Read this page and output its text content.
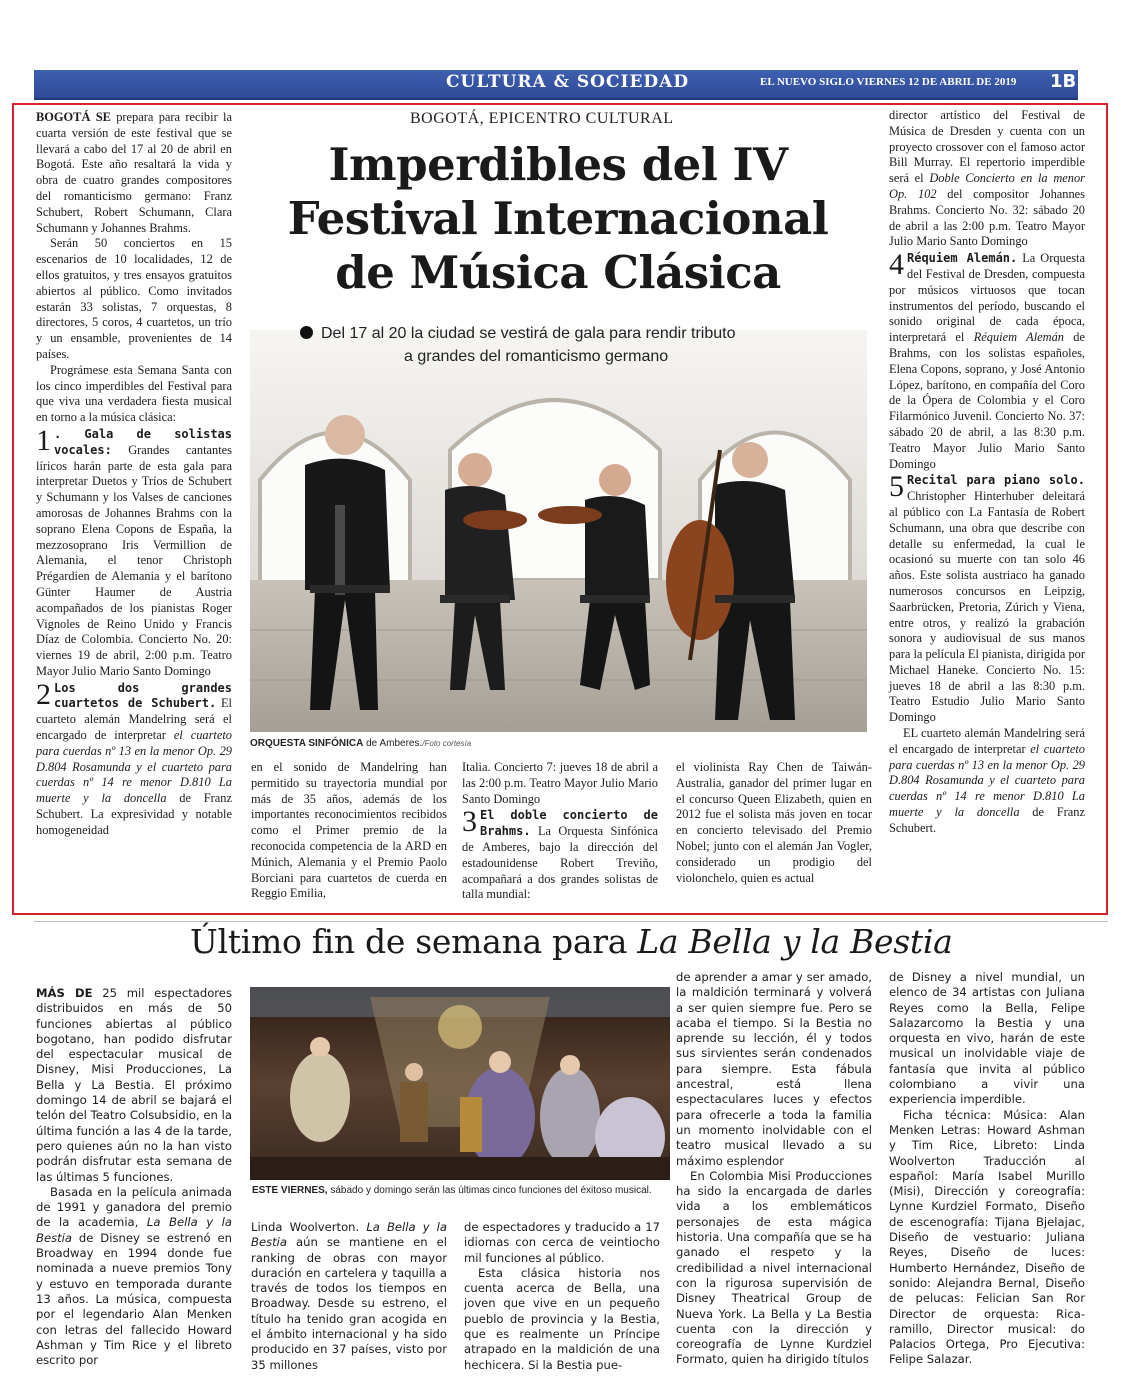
CULTURA & SOCIEDAD	EL NUEVO SIGLO VIERNES 12 DE ABRIL DE 2019 1B
BOGOTÁ, EPICENTRO CULTURAL
Imperdibles del IV
Festival Internacional
de Música Clásica
Del 17 al 20 la ciudad se vestirá de gala para rendir tributo
a grandes del romanticismo germano
ORQUESTA SINFÓNICA de Amberes./Foto cortesía

BOGOTÁ SE prepara para recibir la cuarta versión de este festival que se llevará a cabo del 17 al 20 de abril en Bogotá. Este año resaltará la vida y obra de cuatro grandes compositores del romanticismo germano: Franz Schubert, Robert Schumann, Clara Schumann y Johannes Brahms.

Serán 50 conciertos en 15 escenarios de 10 localidades, 12 de ellos gratuitos, y tres ensayos gratuitos abiertos al público. Como invitados estarán 33 solistas, 7 orquestas, 8 directores, 5 coros, 4 cuartetos, un trío y un ensamble, provenientes de 14 países.

Prográmese esta Semana Santa con los cinco imperdibles del Festival para que viva una verdadera fiesta musical en torno a la música clásica:

1 . Gala de solistas vocales: Grandes cantantes líricos harán parte de esta gala para interpretar Duetos y Tríos de Schubert y Schumann y los Valses de canciones amorosas de Johannes Brahms con la soprano Elena Copons de España, la mezzosoprano Iris Vermillion de Alemania, el tenor Christoph Prégardien de Alemania y el barítono Günter Haumer de Austria acompañados de los pianistas Roger Vignoles de Reino Unido y Francis Díaz de Colombia. Concierto No. 20: viernes 19 de abril, 2:00 p.m. Teatro Mayor Julio Mario Santo Domingo
2 Los dos grandes cuartetos de Schubert. El cuarteto alemán Mandelring será el encargado de interpretar el cuarteto para cuerdas nº 13 en la menor Op. 29 D.804 Rosamunda y el cuarteto para cuerdas nº 14 re menor D.810 La muerte y la doncella de Franz Schubert. La expresividad y notable homogeneidad

en el sonido de Mandelring han permitido su trayectoria mundial por más de 35 años, además de los importantes reconocimientos recibidos como el Primer premio de la reconocida competencia de la ARD en Múnich, Alemania y el Premio Paolo Borciani para cuartetos de cuerda en Reggio Emilia,

Italia. Concierto 7: jueves 18 de abril a las 2:00 p.m. Teatro Mayor Julio Mario Santo Domingo

3 El doble concierto de Brahms. La Orquesta Sinfónica de Amberes, bajo la dirección del estadounidense Robert Treviño, acompañará a dos grandes solistas de talla mundial:

el violinista Ray Chen de Taiwán-Australia, ganador del primer lugar en el concurso Queen Elizabeth, quien en 2012 fue el solista más joven en tocar en concierto televisado del Premio Nobel; junto con el alemán Jan Vogler, considerado un prodigio del violonchelo, quien es actual

director artístico del Festival de Música de Dresden y cuenta con un proyecto crossover con el famoso actor Bill Murray. El repertorio imperdible será el Doble Concierto en la menor Op. 102 del compositor Johannes Brahms. Concierto No. 32: sábado 20 de abril a las 2:00 p.m. Teatro Mayor Julio Mario Santo Domingo

4 Réquiem Alemán. La Orquesta del Festival de Dresden, compuesta por músicos virtuosos que tocan instrumentos del período, buscando el sonido original de cada época, interpretará el Réquiem Alemán de Brahms, con los solistas españoles, Elena Copons, soprano, y José Antonio López, barítono, en compañía del Coro de la Ópera de Colombia y el Coro Filarmónico Juvenil. Concierto No. 37: sábado 20 de abril, a las 8:30 p.m. Teatro Mayor Julio Mario Santo Domingo
5 Recital para piano solo. Christopher Hinterhuber deleitará al público con La Fantasía de Robert Schumann, una obra que describe con detalle su enfermedad, la cual le ocasionó su muerte con tan solo 46 años. Este solista austriaco ha ganado numerosos concursos en Leipzig, Saarbrücken, Pretoria, Zúrich y Viena, entre otros, y realizó la grabación sonora y audiovisual de sus manos para la película El pianista, dirigida por Michael Haneke. Concierto No. 15: jueves 18 de abril a las 8:30 p.m. Teatro Estudio Julio Mario Santo Domingo

EL cuarteto alemán Mandelring será el encargado de interpretar el cuarteto para cuerdas nº 13 en la menor Op. 29 D.804 Rosamunda y el cuarteto para cuerdas nº 14 re menor D.810 La muerte y la doncella de Franz Schubert.

Último fin de semana para La Bella y la Bestia
ESTE VIERNES, sábado y domingo serán las últimas cinco funciones del éxitoso musical.

MÁS DE 25 mil espectadores distribuidos en más de 50 funciones abiertas al público bogotano, han podido disfrutar del espectacular musical de Disney, Misi Producciones, La Bella y La Bestia. El próximo domingo 14 de abril se bajará el telón del Teatro Colsubsidio, en la última función a las 4 de la tarde, pero quienes aún no la han visto podrán disfrutar esta semana de las últimas 5 funciones.

Basada en la película animada de 1991 y ganadora del premio de la academia, La Bella y la Bestia de Disney se estrenó en Broadway en 1994 donde fue nominada a nueve premios Tony y estuvo en temporada durante 13 años. La música, compuesta por el legendario Alan Menken con letras del fallecido Howard Ashman y Tim Rice y el libreto escrito por

Linda Woolverton. La Bella y la Bestia aún se mantiene en el ranking de obras con mayor duración en cartelera y taquilla a través de todos los tiempos en Broadway. Desde su estreno, el título ha tenido gran acogida en el ámbito internacional y ha sido producido en 37 países, visto por 35 millones

de espectadores y traducido a 17 idiomas con cerca de veintiocho mil funciones al público.

Esta clásica historia nos cuenta acerca de Bella, una joven que vive en un pequeño pueblo de provincia y la Bestia, que es realmente un Príncipe atrapado en la maldición de una hechicera. Si la Bestia pue-

de aprender a amar y ser amado, la maldición terminará y volverá a ser quien siempre fue. Pero se acaba el tiempo. Si la Bestia no aprende su lección, él y todos sus sirvientes serán condenados para siempre. Esta fábula ancestral, está llena espectaculares luces y efectos para ofrecerle a toda la familia un momento inolvidable con el teatro musical llevado a su máximo esplendor

En Colombia Misi Producciones ha sido la encargada de darles vida a los emblemáticos personajes de esta mágica historia. Una compañía que se ha ganado el respeto y la credibilidad a nivel internacional con la rigurosa supervisión de Disney Theatrical Group de Nueva York. La Bella y La Bestia cuenta con la dirección y coreografía de Lynne Kurdziel Formato, quien ha dirigido títulos

de Disney a nivel mundial, un elenco de 34 artistas con Juliana Reyes como la Bella, Felipe Salazarcomo la Bestia y una orquesta en vivo, harán de este musical un inolvidable viaje de fantasía que invita al público colombiano a vivir una experiencia imperdible.

Ficha técnica: Música: Alan Menken Letras: Howard Ashman y Tim Rice, Libreto: Linda Woolverton Traducción al español: María Isabel Murillo (Misi), Dirección y coreografía: Lynne Kurdziel Formato, Diseño de escenografía: Tijana Bjelajac, Diseño de vestuario: Juliana Reyes, Diseño de luces: Humberto Hernández, Diseño de sonido: Alejandra Bernal, Diseño de pelucas: Felician San Ror Director de orquesta: Rica-ramillo, Director musical: do Palacios Ortega, Pro Ejecutiva: Felipe Salazar.
